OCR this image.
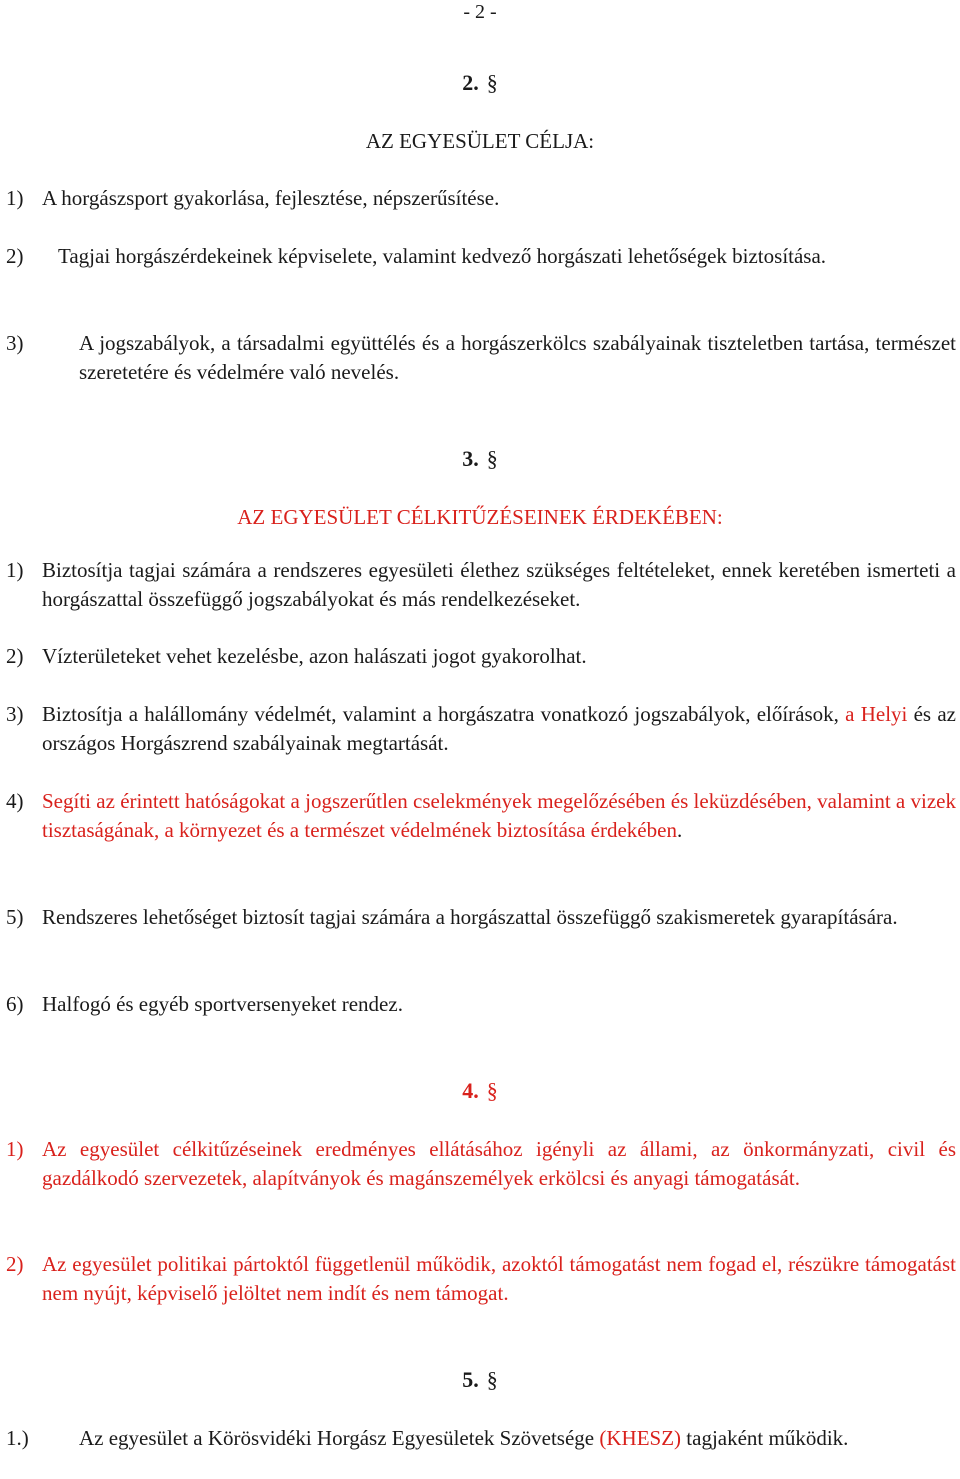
- 2 -
2. §
AZ EGYESÜLET CÉLJA:
1) A horgászsport gyakorlása, fejlesztése, népszerűsítése.
2)	Tagjai horgászérdekeinek képviselete, valamint kedvező horgászati lehetőségek biztosítása.
3)	A jogszabályok, a társadalmi együttélés és a horgászerkölcs szabályainak tiszteletben tartása, természet szeretetére és védelmére való nevelés.
3. §
AZ EGYESÜLET CÉLKITŰZÉSEINEK ÉRDEKÉBEN:
1) Biztosítja tagjai számára a rendszeres egyesületi élethez szükséges feltételeket, ennek keretében ismerteti a horgászattal összefüggő jogszabályokat és más rendelkezéseket.
2) Vízterületeket vehet kezelésbe, azon halászati jogot gyakorolhat.
3) Biztosítja a halállomány védelmét, valamint a horgászatra vonatkozó jogszabályok, előírások, a Helyi és az országos Horgászrend szabályainak megtartását.
4) Segíti az érintett hatóságokat a jogszerűtlen cselekmények megelőzésében és leküzdésében, valamint a vizek tisztaságának, a környezet és a természet védelmének biztosítása érdekében.
5) Rendszeres lehetőséget biztosít tagjai számára a horgászattal összefüggő szakismeretek gyarapítására.
6) Halfogó és egyéb sportversenyeket rendez.
4. §
1) Az egyesület célkitűzéseinek eredményes ellátásához igényli az állami, az önkormányzati, civil és gazdálkodó szervezetek, alapítványok és magánszemélyek erkölcsi és anyagi támogatását.
2) Az egyesület politikai pártoktól függetlenül működik, azoktól támogatást nem fogad el, részükre támogatást nem nyújt, képviselő jelöltet nem indít és nem támogat.
5. §
1.) Az egyesület a Körösvidéki Horgász Egyesületek Szövetsége (KHESZ) tagjaként működik.
